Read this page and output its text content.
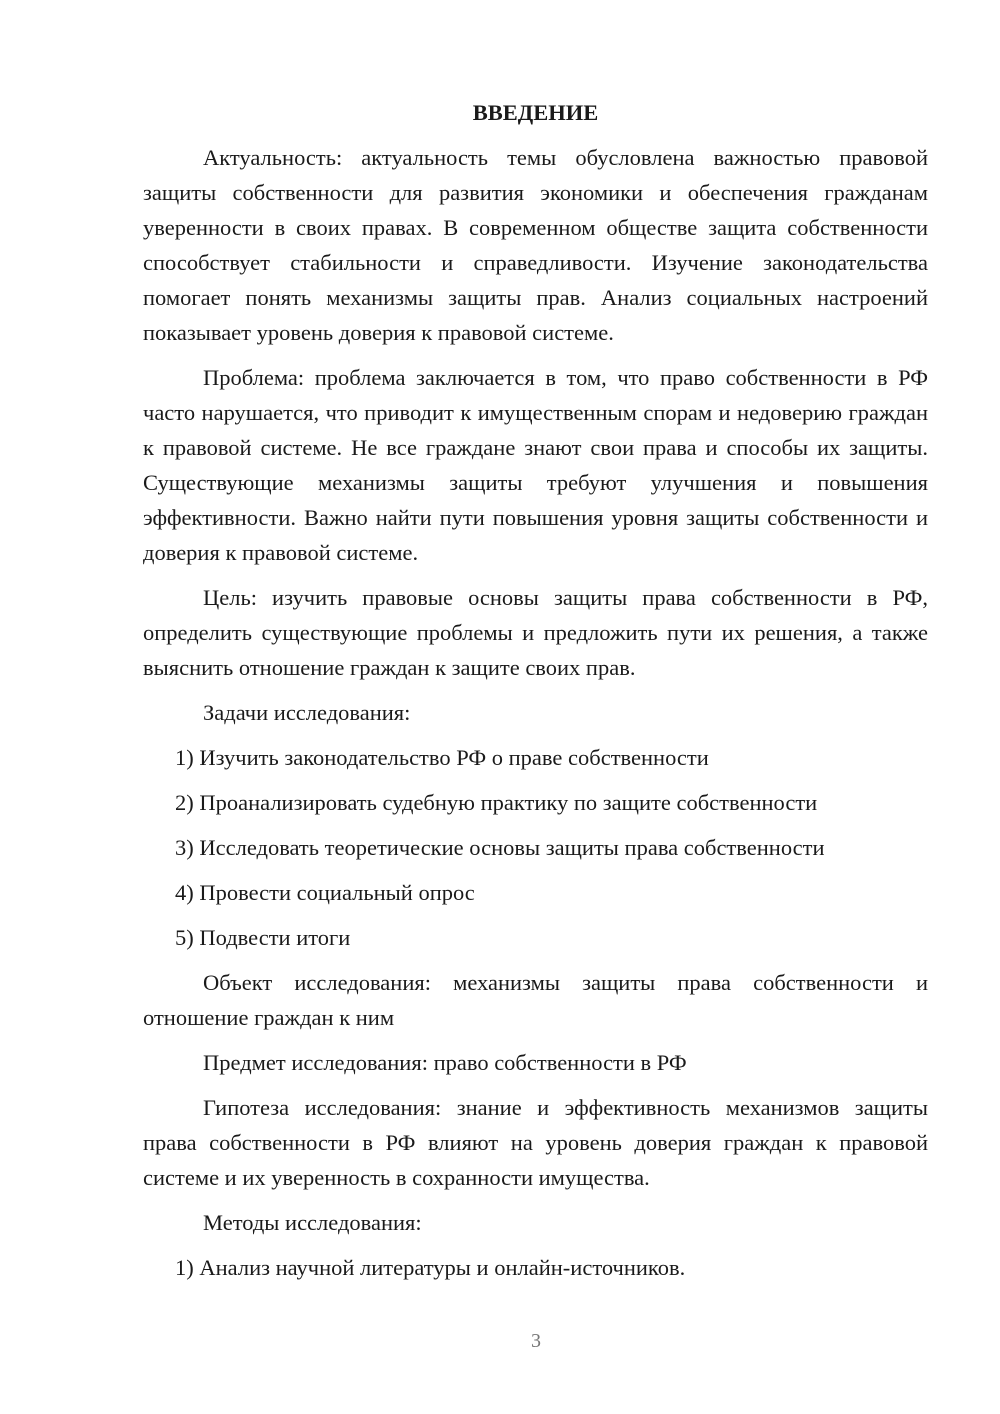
ВВЕДЕНИЕ

Актуальность: актуальность темы обусловлена важностью правовой защиты собственности для развития экономики и обеспечения гражданам уверенности в своих правах. В современном обществе защита собственности способствует стабильности и справедливости. Изучение законодательства помогает понять механизмы защиты прав. Анализ социальных настроений показывает уровень доверия к правовой системе.

Проблема: проблема заключается в том, что право собственности в РФ часто нарушается, что приводит к имущественным спорам и недоверию граждан к правовой системе. Не все граждане знают свои права и способы их защиты. Существующие механизмы защиты требуют улучшения и повышения эффективности. Важно найти пути повышения уровня защиты собственности и доверия к правовой системе.

Цель: изучить правовые основы защиты права собственности в РФ, определить существующие проблемы и предложить пути их решения, а также выяснить отношение граждан к защите своих прав.

Задачи исследования:

1) Изучить законодательство РФ о праве собственности

2) Проанализировать судебную практику по защите собственности

3) Исследовать теоретические основы защиты права собственности

4) Провести социальный опрос

5) Подвести итоги

Объект исследования: механизмы защиты права собственности и отношение граждан к ним

Предмет исследования: право собственности в РФ

Гипотеза исследования: знание и эффективность механизмов защиты права собственности в РФ влияют на уровень доверия граждан к правовой системе и их уверенность в сохранности имущества.

Методы исследования:

1) Анализ научной литературы и онлайн-источников.

3
